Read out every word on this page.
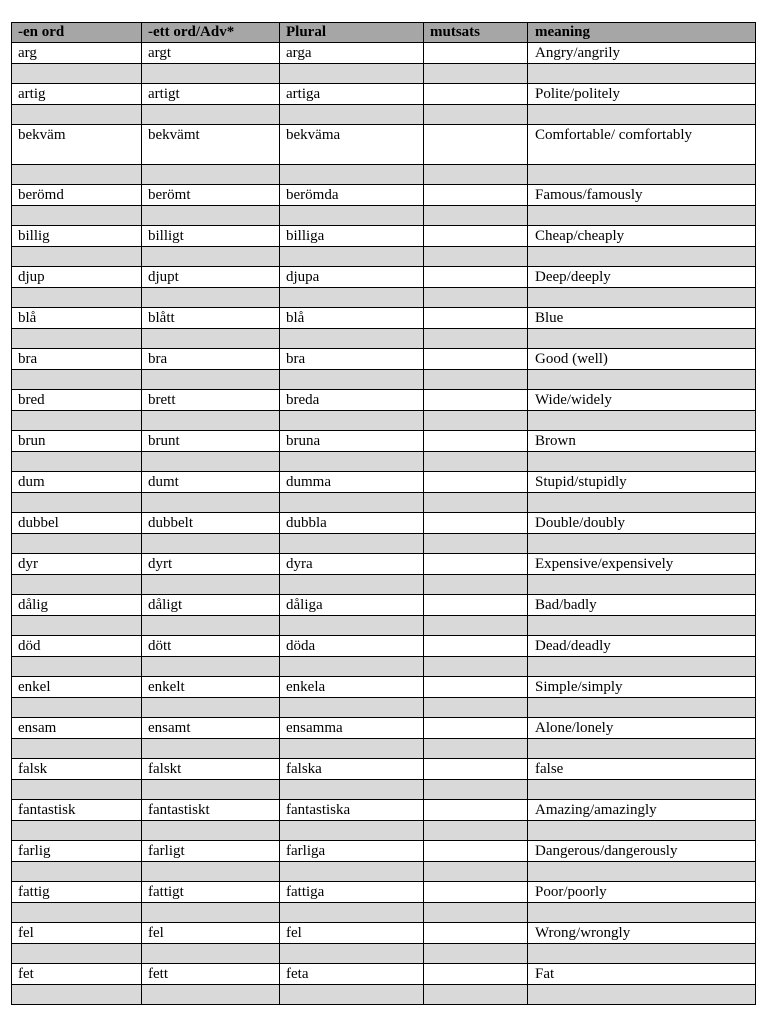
-en ord	-ett ord/Adv*	Plural	mutsats	meaning
arg	argt	arga		Angry/angrily

artig	artigt	artiga		Polite/politely

bekväm	bekvämt	bekväma		Comfortable/ comfortably

berömd	berömt	berömda		Famous/famously

billig	billigt	billiga		Cheap/cheaply

djup	djupt	djupa		Deep/deeply

blå	blått	blå		Blue

bra	bra	bra		Good (well)

bred	brett	breda		Wide/widely

brun	brunt	bruna		Brown

dum	dumt	dumma		Stupid/stupidly

dubbel	dubbelt	dubbla		Double/doubly

dyr	dyrt	dyra		Expensive/expensively

dålig	dåligt	dåliga		Bad/badly

död	dött	döda		Dead/deadly

enkel	enkelt	enkela		Simple/simply

ensam	ensamt	ensamma		Alone/lonely

falsk	falskt	falska		false

fantastisk	fantastiskt	fantastiska		Amazing/amazingly

farlig	farligt	farliga		Dangerous/dangerously

fattig	fattigt	fattiga		Poor/poorly

fel	fel	fel		Wrong/wrongly

fet	fett	feta		Fat
